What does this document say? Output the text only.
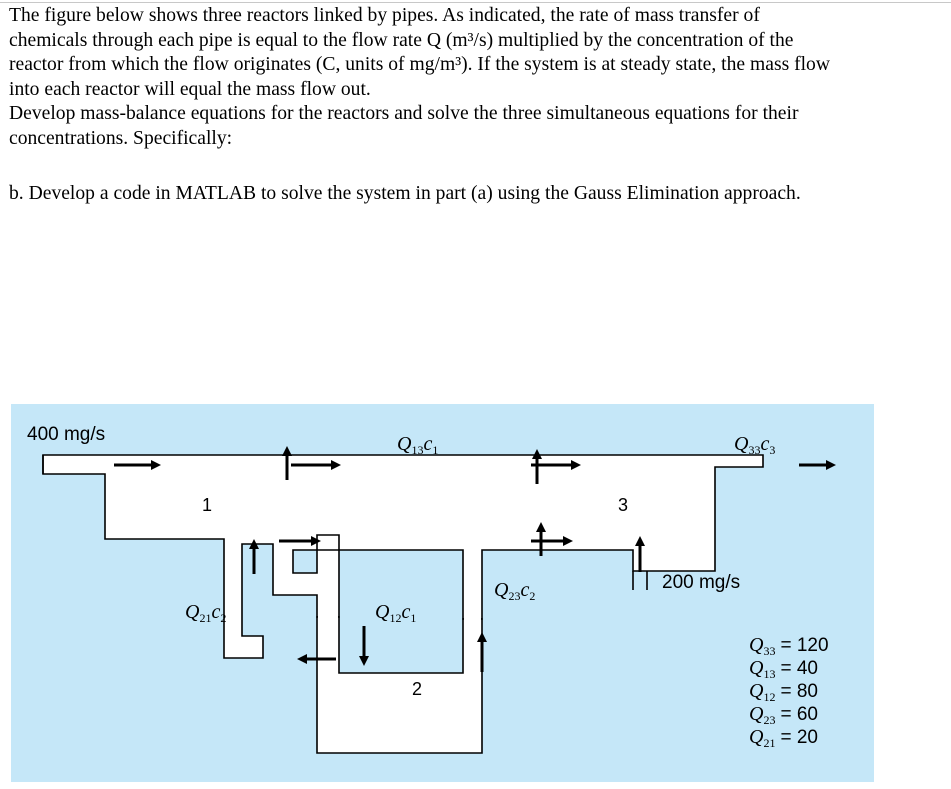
The figure below shows three reactors linked by pipes. As indicated, the rate of mass transfer of

chemicals through each pipe is equal to the flow rate Q (m³/s) multiplied by the concentration of the

reactor from which the flow originates (C, units of mg/m³). If the system is at steady state, the mass flow

into each reactor will equal the mass flow out.

Develop mass-balance equations for the reactors and solve the three simultaneous equations for their

concentrations. Specifically:

b. Develop a code in MATLAB to solve the system in part (a) using the Gauss Elimination approach.
400 mg/s
200 mg/s
1
2
3
$Q_{13}c_1$	$Q_{33}c_3$
$Q_{23}c_2$
$Q_{21}c_2$	$Q_{12}c_1$
$Q_{33} = 120$
$Q_{13} = 40$
$Q_{12} = 80$
$Q_{23} = 60$
$Q_{21} = 20$
